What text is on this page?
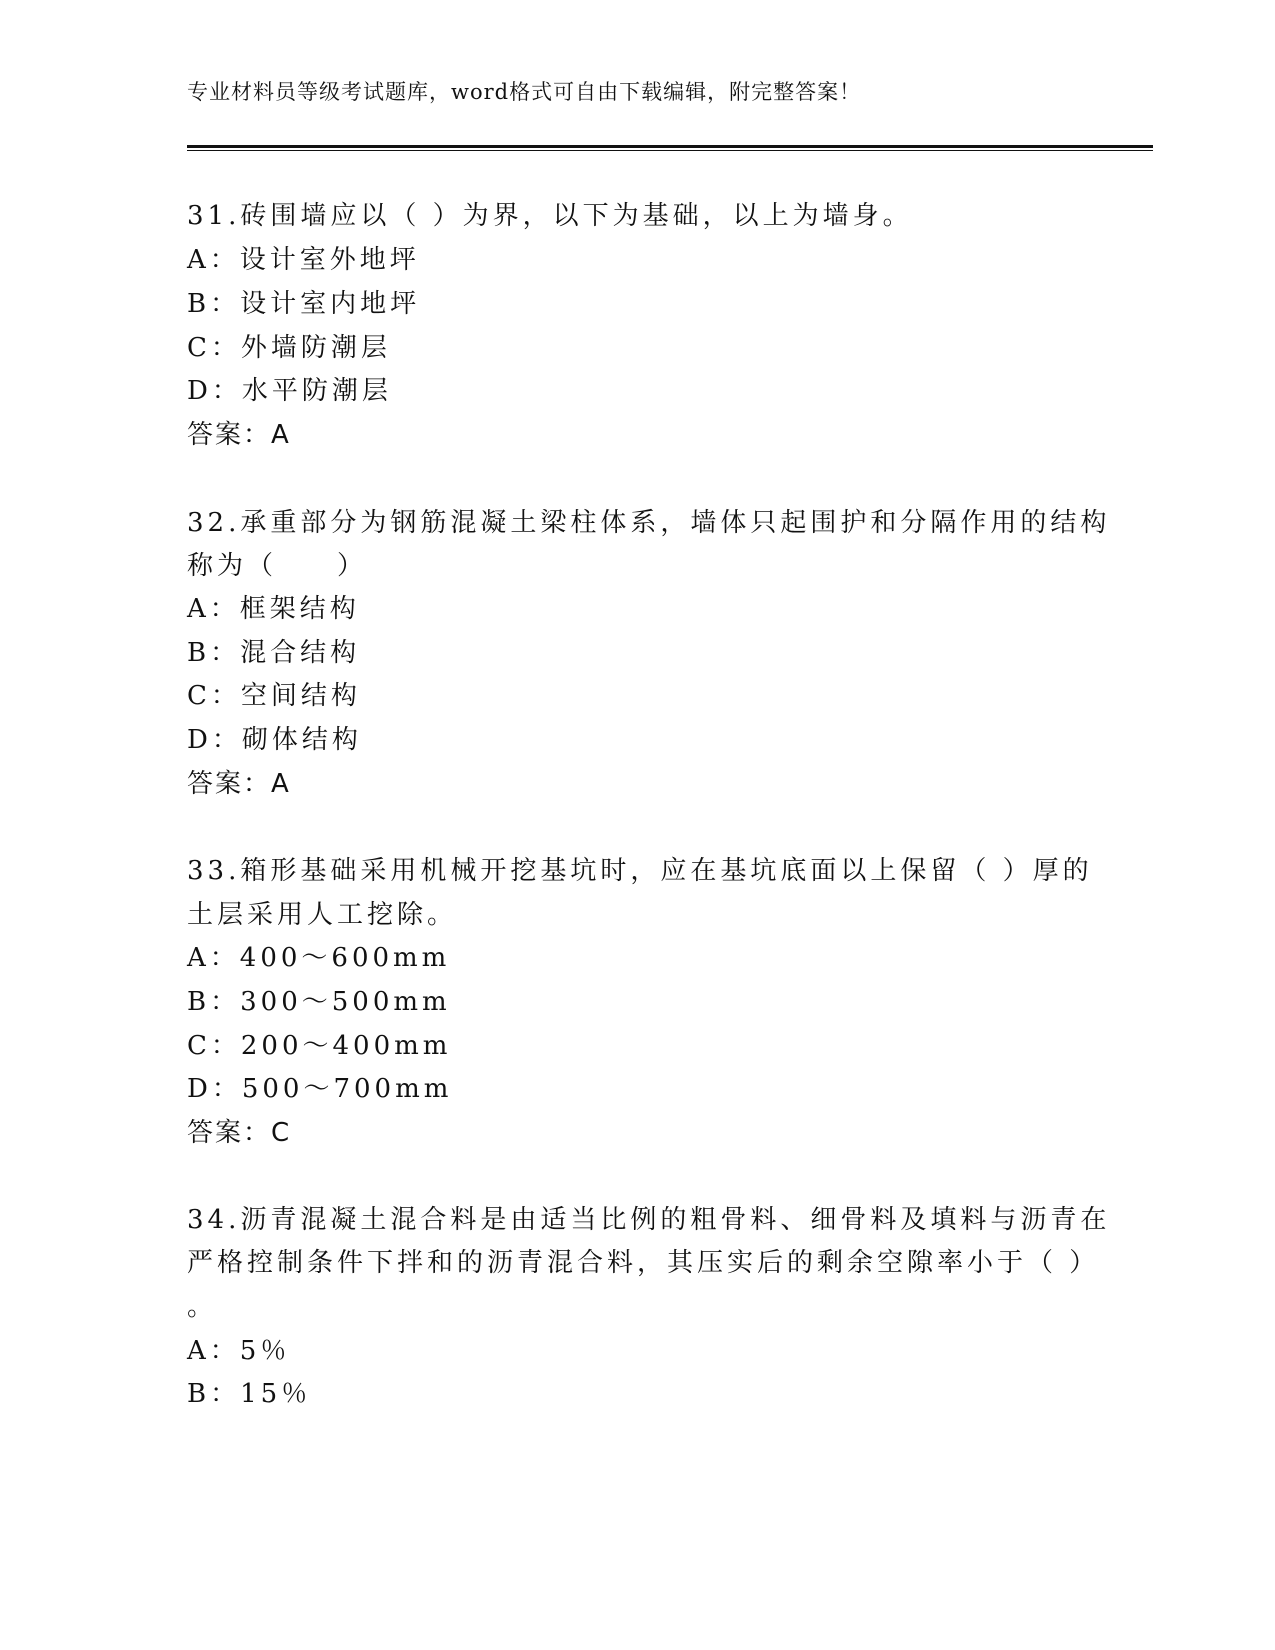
专业材料员等级考试题库，word格式可自由下载编辑，附完整答案！
31.砖围墙应以（ ）为界，以下为基础，以上为墙身。
A：设计室外地坪
B：设计室内地坪
C：外墙防潮层
D：水平防潮层
答案：A
32.承重部分为钢筋混凝土梁柱体系，墙体只起围护和分隔作用的结构
称为（　　）
A：框架结构
B：混合结构
C：空间结构
D：砌体结构
答案：A
33.箱形基础采用机械开挖基坑时，应在基坑底面以上保留（ ）厚的
土层采用人工挖除。
A：400～600mm
B：300～500mm
C：200～400mm
D：500～700mm
答案：C
34.沥青混凝土混合料是由适当比例的粗骨料、细骨料及填料与沥青在
严格控制条件下拌和的沥青混合料，其压实后的剩余空隙率小于（ ）
。
A：5％
B：15％
